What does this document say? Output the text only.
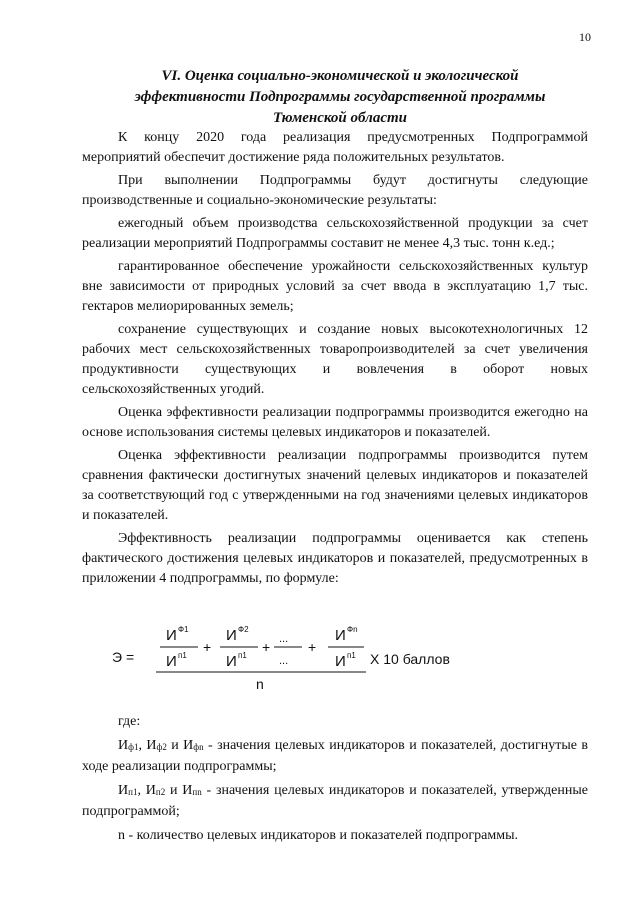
10
VI. Оценка социально-экономической и экологической
эффективности Подпрограммы государственной программы
Тюменской области

К концу 2020 года реализация предусмотренных Подпрограммой мероприятий обеспечит достижение ряда положительных результатов.

При выполнении Подпрограммы будут достигнуты следующие производственные и социально-экономические результаты:

ежегодный объем производства сельскохозяйственной продукции за счет реализации мероприятий Подпрограммы составит не менее 4,3 тыс. тонн к.ед.;

гарантированное обеспечение урожайности сельскохозяйственных культур вне зависимости от природных условий за счет ввода в эксплуатацию 1,7 тыс. гектаров мелиорированных земель;

сохранение существующих и создание новых высокотехнологичных 12 рабочих мест сельскохозяйственных товаропроизводителей за счет увеличения продуктивности существующих и вовлечения в оборот новых сельскохозяйственных угодий.

Оценка эффективности реализации подпрограммы производится ежегодно на основе использования системы целевых индикаторов и показателей.

Оценка эффективности реализации подпрограммы производится путем сравнения фактически достигнутых значений целевых индикаторов и показателей за соответствующий год с утвержденными на год значениями целевых индикаторов и показателей.

Эффективность реализации подпрограммы оценивается как степень фактического достижения целевых индикаторов и показателей, предусмотренных в приложении 4 подпрограммы, по формуле:

Э =
И Ф1
И п1
+
И Ф2
И п1
+ ...
...
+
И Фn
И п1 X 10 баллов
n

где:

$И_{ф1}$, $И_{ф2}$ и $И_{фn}$ - значения целевых индикаторов и показателей, достигнутые в ходе реализации подпрограммы;

$И_{п1}$, $И_{п2}$ и $И_{пn}$ - значения целевых индикаторов и показателей, утвержденные подпрограммой;

n - количество целевых индикаторов и показателей подпрограммы.
